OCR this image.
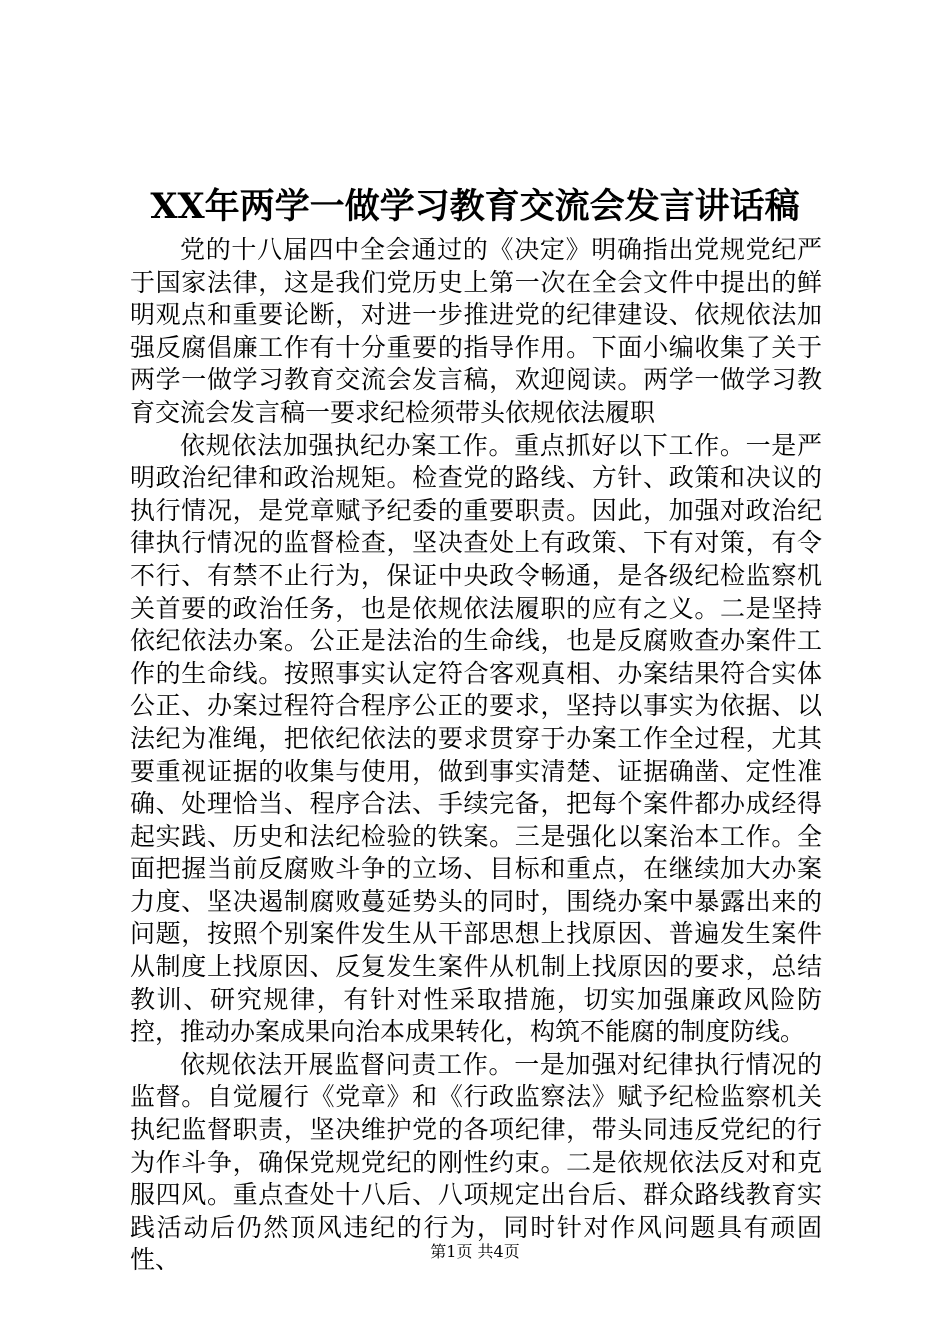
XX年两学一做学习教育交流会发言讲话稿

党的十八届四中全会通过的《决定》明确指出党规党纪严于国家法律，这是我们党历史上第一次在全会文件中提出的鲜明观点和重要论断，对进一步推进党的纪律建设、依规依法加强反腐倡廉工作有十分重要的指导作用。下面小编收集了关于两学一做学习教育交流会发言稿，欢迎阅读。两学一做学习教育交流会发言稿一要求纪检须带头依规依法履职

依规依法加强执纪办案工作。重点抓好以下工作。一是严明政治纪律和政治规矩。检查党的路线、方针、政策和决议的执行情况，是党章赋予纪委的重要职责。因此，加强对政治纪律执行情况的监督检查，坚决查处上有政策、下有对策，有令不行、有禁不止行为，保证中央政令畅通，是各级纪检监察机关首要的政治任务，也是依规依法履职的应有之义。二是坚持依纪依法办案。公正是法治的生命线，也是反腐败查办案件工作的生命线。按照事实认定符合客观真相、办案结果符合实体公正、办案过程符合程序公正的要求，坚持以事实为依据、以法纪为准绳，把依纪依法的要求贯穿于办案工作全过程，尤其要重视证据的收集与使用，做到事实清楚、证据确凿、定性准确、处理恰当、程序合法、手续完备，把每个案件都办成经得起实践、历史和法纪检验的铁案。三是强化以案治本工作。全面把握当前反腐败斗争的立场、目标和重点，在继续加大办案力度、坚决遏制腐败蔓延势头的同时，围绕办案中暴露出来的问题，按照个别案件发生从干部思想上找原因、普遍发生案件从制度上找原因、反复发生案件从机制上找原因的要求，总结教训、研究规律，有针对性采取措施，切实加强廉政风险防控，推动办案成果向治本成果转化，构筑不能腐的制度防线。

依规依法开展监督问责工作。一是加强对纪律执行情况的监督。自觉履行《党章》和《行政监察法》赋予纪检监察机关执纪监督职责，坚决维护党的各项纪律，带头同违反党纪的行为作斗争，确保党规党纪的刚性约束。二是依规依法反对和克服四风。重点查处十八后、八项规定出台后、群众路线教育实践活动后仍然顶风违纪的行为，同时针对作风问题具有顽固性、	第1页 共4页
